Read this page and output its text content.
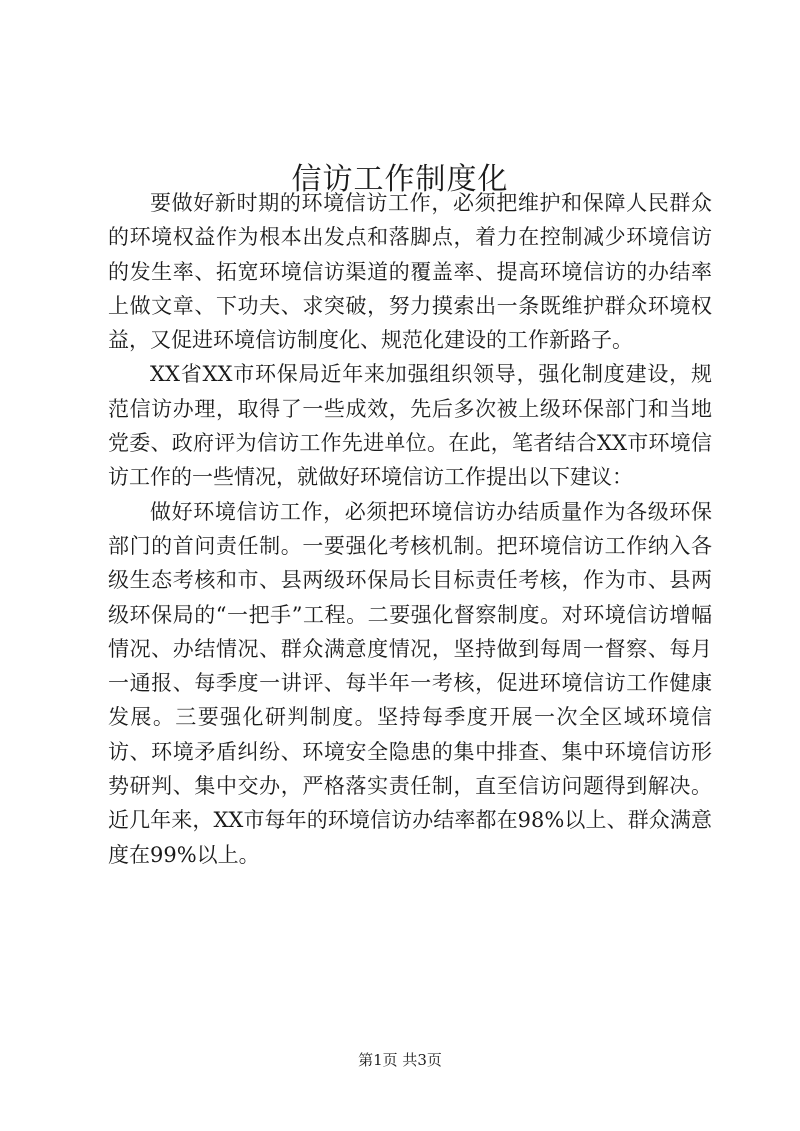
信访工作制度化

要做好新时期的环境信访工作，必须把维护和保障人民群众的环境权益作为根本出发点和落脚点，着力在控制减少环境信访的发生率、拓宽环境信访渠道的覆盖率、提高环境信访的办结率上做文章、下功夫、求突破，努力摸索出一条既维护群众环境权益，又促进环境信访制度化、规范化建设的工作新路子。

XX省XX市环保局近年来加强组织领导，强化制度建设，规范信访办理，取得了一些成效，先后多次被上级环保部门和当地党委、政府评为信访工作先进单位。在此，笔者结合XX市环境信访工作的一些情况，就做好环境信访工作提出以下建议：

做好环境信访工作，必须把环境信访办结质量作为各级环保部门的首问责任制。一要强化考核机制。把环境信访工作纳入各级生态考核和市、县两级环保局长目标责任考核，作为市、县两级环保局的“一把手”工程。二要强化督察制度。对环境信访增幅情况、办结情况、群众满意度情况，坚持做到每周一督察、每月一通报、每季度一讲评、每半年一考核，促进环境信访工作健康发展。三要强化研判制度。坚持每季度开展一次全区域环境信访、环境矛盾纠纷、环境安全隐患的集中排查、集中环境信访形势研判、集中交办，严格落实责任制，直至信访问题得到解决。近几年来，XX市每年的环境信访办结率都在98%以上、群众满意度在99%以上。

第1页 共3页
